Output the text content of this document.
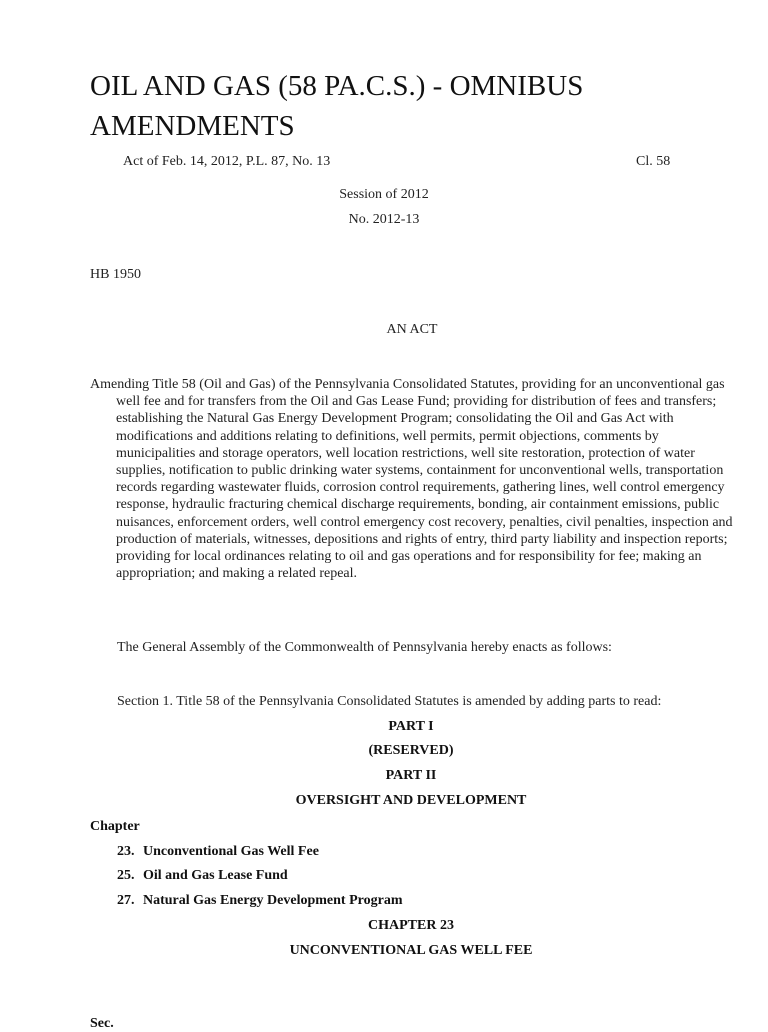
OIL AND GAS (58 PA.C.S.) - OMNIBUS AMENDMENTS
Act of Feb. 14, 2012, P.L. 87, No. 13	Cl. 58
Session of 2012
No. 2012-13
HB 1950
AN ACT

Amending Title 58 (Oil and Gas) of the Pennsylvania Consolidated Statutes, providing for an unconventional gas well fee and for transfers from the Oil and Gas Lease Fund; providing for distribution of fees and transfers; establishing the Natural Gas Energy Development Program; consolidating the Oil and Gas Act with modifications and additions relating to definitions, well permits, permit objections, comments by municipalities and storage operators, well location restrictions, well site restoration, protection of water supplies, notification to public drinking water systems, containment for unconventional wells, transportation records regarding wastewater fluids, corrosion control requirements, gathering lines, well control emergency response, hydraulic fracturing chemical discharge requirements, bonding, air containment emissions, public nuisances, enforcement orders, well control emergency cost recovery, penalties, civil penalties, inspection and production of materials, witnesses, depositions and rights of entry, third party liability and inspection reports; providing for local ordinances relating to oil and gas operations and for responsibility for fee; making an appropriation; and making a related repeal.

The General Assembly of the Commonwealth of Pennsylvania hereby enacts as follows:
Section 1. Title 58 of the Pennsylvania Consolidated Statutes is amended by adding parts to read:
PART I
(RESERVED)
PART II
OVERSIGHT AND DEVELOPMENT
Chapter
23. Unconventional Gas Well Fee
25. Oil and Gas Lease Fund
27. Natural Gas Energy Development Program
CHAPTER 23
UNCONVENTIONAL GAS WELL FEE
Sec.
